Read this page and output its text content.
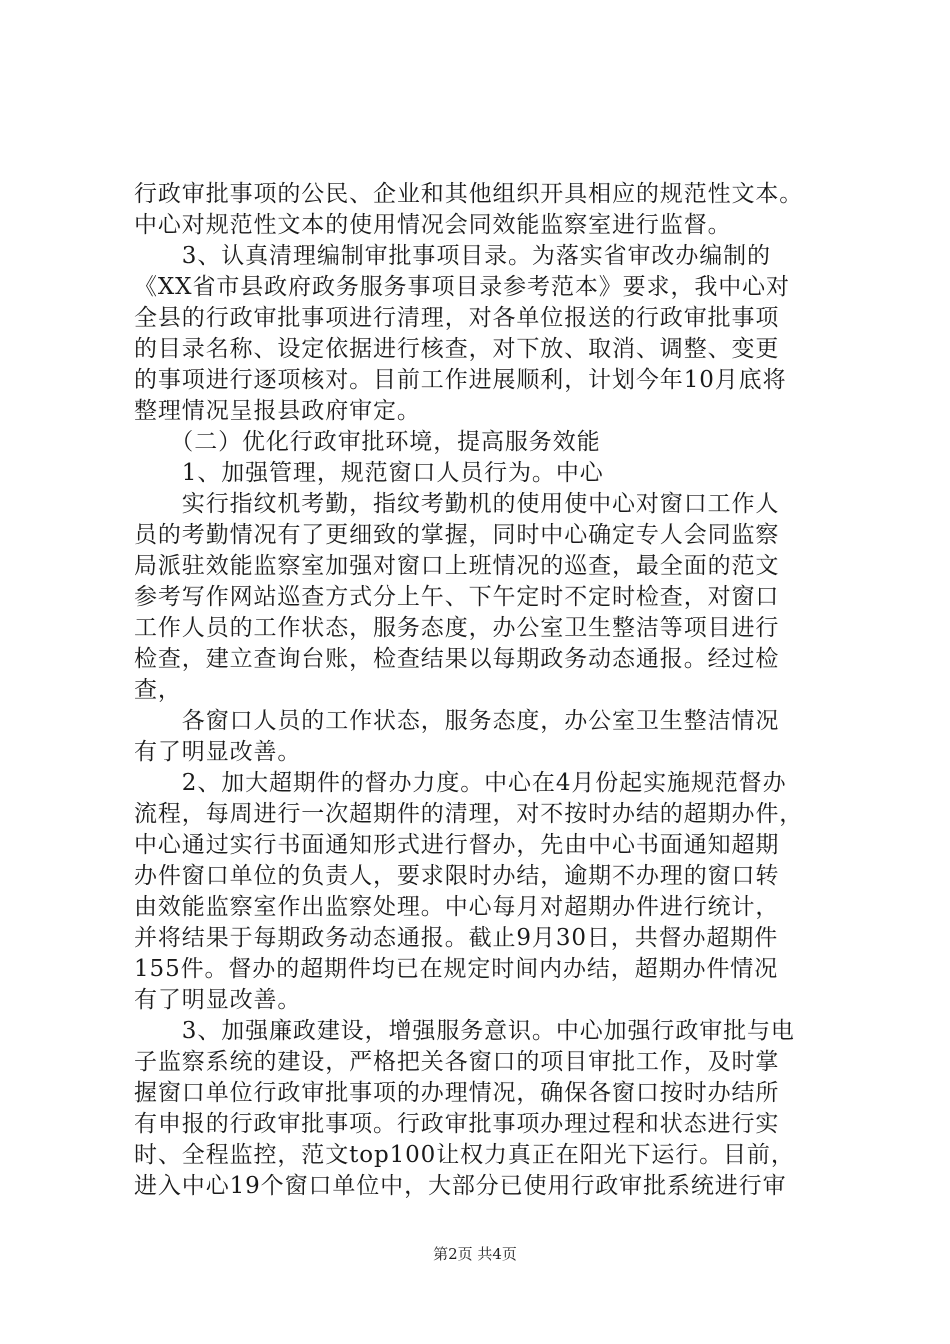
行政审批事项的公民、企业和其他组织开具相应的规范性文本。
中心对规范性文本的使用情况会同效能监察室进行监督。
　　3、认真清理编制审批事项目录。为落实省审改办编制的
《XX省市县政府政务服务事项目录参考范本》要求，我中心对
全县的行政审批事项进行清理，对各单位报送的行政审批事项
的目录名称、设定依据进行核查，对下放、取消、调整、变更
的事项进行逐项核对。目前工作进展顺利，计划今年10月底将
整理情况呈报县政府审定。
　　（二）优化行政审批环境，提高服务效能
　　1、加强管理，规范窗口人员行为。中心
　　实行指纹机考勤，指纹考勤机的使用使中心对窗口工作人
员的考勤情况有了更细致的掌握，同时中心确定专人会同监察
局派驻效能监察室加强对窗口上班情况的巡查，最全面的范文
参考写作网站巡查方式分上午、下午定时不定时检查，对窗口
工作人员的工作状态，服务态度，办公室卫生整洁等项目进行
检查，建立查询台账，检查结果以每期政务动态通报。经过检
查，
　　各窗口人员的工作状态，服务态度，办公室卫生整洁情况
有了明显改善。
　　2、加大超期件的督办力度。中心在4月份起实施规范督办
流程，每周进行一次超期件的清理，对不按时办结的超期办件，
中心通过实行书面通知形式进行督办，先由中心书面通知超期
办件窗口单位的负责人，要求限时办结，逾期不办理的窗口转
由效能监察室作出监察处理。中心每月对超期办件进行统计，
并将结果于每期政务动态通报。截止9月30日，共督办超期件
155件。督办的超期件均已在规定时间内办结，超期办件情况
有了明显改善。
　　3、加强廉政建设，增强服务意识。中心加强行政审批与电
子监察系统的建设，严格把关各窗口的项目审批工作，及时掌
握窗口单位行政审批事项的办理情况，确保各窗口按时办结所
有申报的行政审批事项。行政审批事项办理过程和状态进行实
时、全程监控，范文top100让权力真正在阳光下运行。目前，
进入中心19个窗口单位中，大部分已使用行政审批系统进行审
第2页 共4页
